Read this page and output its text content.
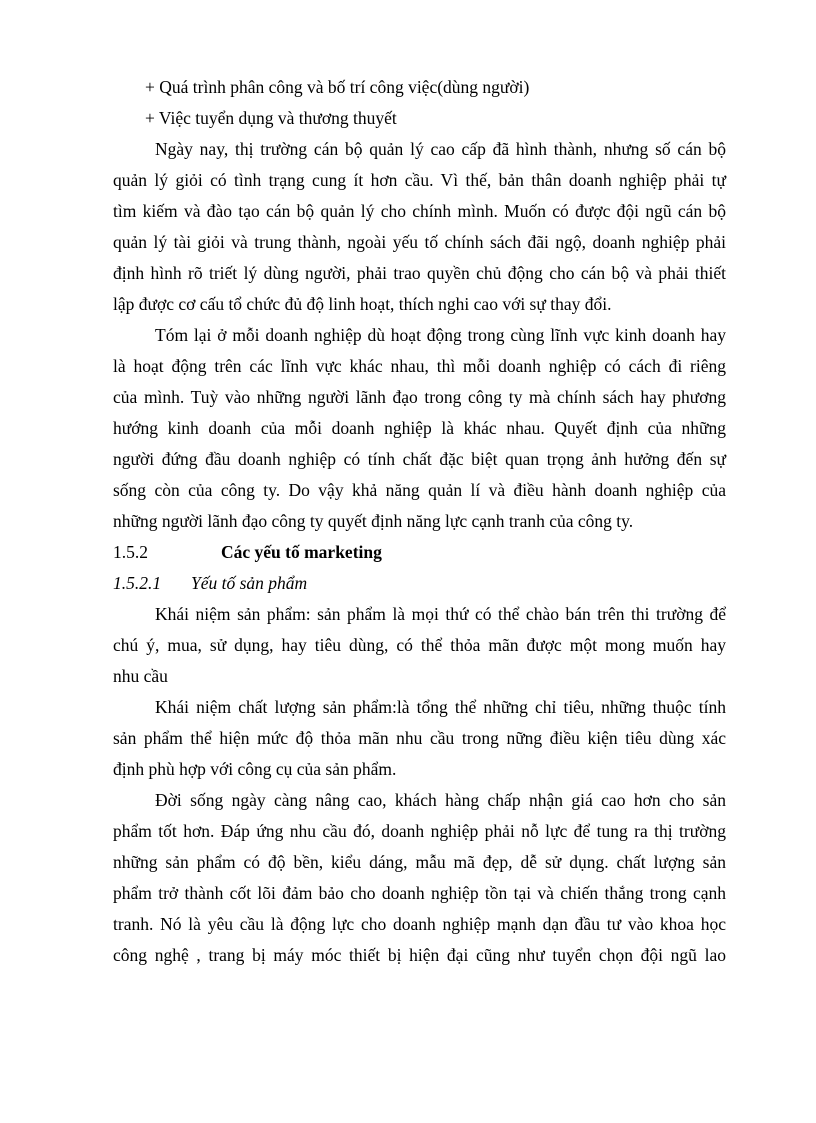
+ Quá trình phân công và bố trí công việc(dùng người)
+ Việc tuyển dụng và thương thuyết
Ngày nay, thị trường cán bộ quản lý cao cấp đã hình thành, nhưng số cán bộ
quản lý giỏi có tình trạng cung ít hơn cầu. Vì thế, bản thân doanh nghiệp phải tự
tìm kiếm và đào tạo cán bộ quản lý cho chính mình. Muốn có được đội ngũ cán bộ
quản lý tài giỏi và trung thành, ngoài yếu tố chính sách đãi ngộ, doanh nghiệp phải
định hình rõ triết lý dùng người, phải trao quyền chủ động cho cán bộ và phải thiết
lập được cơ cấu tổ chức đủ độ linh hoạt, thích nghi cao với sự thay đổi.
Tóm lại ở mỗi doanh nghiệp dù hoạt động trong cùng lĩnh vực kinh doanh hay
là hoạt động trên các lĩnh vực khác nhau, thì mỗi doanh nghiệp có cách đi riêng
của mình. Tuỳ vào những người lãnh đạo trong công ty mà chính sách hay phương
hướng kinh doanh của mỗi doanh nghiệp là khác nhau. Quyết định của những
người đứng đầu doanh nghiệp có tính chất đặc biệt quan trọng ảnh hưởng đến sự
sống còn của công ty. Do vậy khả năng quản lí và điều hành doanh nghiệp của
những người lãnh đạo công ty quyết định năng lực cạnh tranh của công ty.
1.5.2	Các yếu tố marketing
1.5.2.1 Yếu tố sản phẩm
Khái niệm sản phẩm: sản phẩm là mọi thứ có thể chào bán trên thi trường để
chú ý, mua, sử dụng, hay tiêu dùng, có thể thỏa mãn được một mong muốn hay
nhu cầu
Khái niệm chất lượng sản phẩm:là tổng thể những chỉ tiêu, những thuộc tính
sản phẩm thể hiện mức độ thỏa mãn nhu cầu trong nững điều kiện tiêu dùng xác
định phù hợp với công cụ của sản phẩm.
Đời sống ngày càng nâng cao, khách hàng chấp nhận giá cao hơn cho sản
phẩm tốt hơn. Đáp ứng nhu cầu đó, doanh nghiệp phải nỗ lực để tung ra thị trường
những sản phẩm có độ bền, kiểu dáng, mẫu mã đẹp, dễ sử dụng. chất lượng sản
phẩm trở thành cốt lõi đảm bảo cho doanh nghiệp tồn tại và chiến thắng trong cạnh
tranh. Nó là yêu cầu là động lực cho doanh nghiệp mạnh dạn đầu tư vào khoa học
công nghệ , trang bị máy móc thiết bị hiện đại cũng như tuyển chọn đội ngũ lao
